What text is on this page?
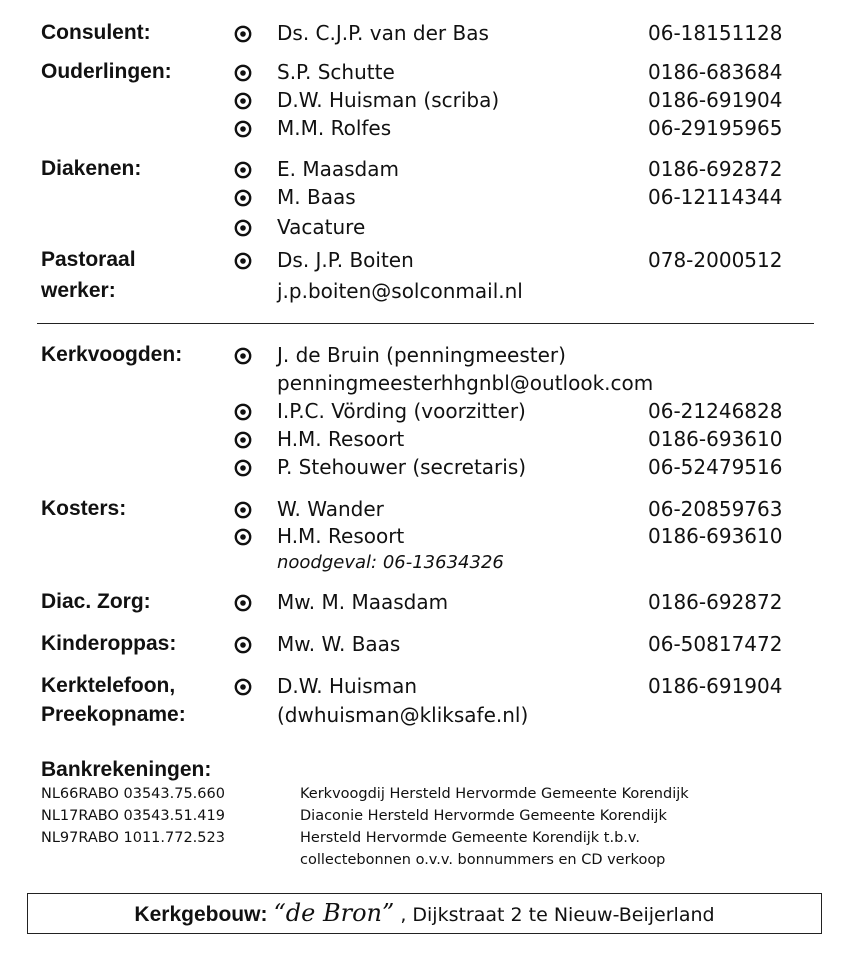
Consulent:	Ds. C.J.P. van der Bas	06-18151128
Ouderlingen:	S.P. Schutte	0186-683684
D.W. Huisman (scriba)	0186-691904
M.M. Rolfes	06-29195965
Diakenen:	E. Maasdam	0186-692872
M. Baas	06-12114344
Vacature
Pastoraal
werker:
Ds. J.P. Boiten	078-2000512
j.p.boiten@solconmail.nl
Kerkvoogden:	J. de Bruin (penningmeester)
penningmeesterhhgnbl@outlook.com
I.P.C. Vörding (voorzitter)	06-21246828
H.M. Resoort	0186-693610
P. Stehouwer (secretaris)	06-52479516
Kosters:	W. Wander	06-20859763
H.M. Resoort	0186-693610
noodgeval: 06-13634326
Diac. Zorg:	Mw. M. Maasdam	0186-692872
Kinderoppas:	Mw. W. Baas	06-50817472
Kerktelefoon,
Preekopname:
D.W. Huisman	0186-691904
(dwhuisman@kliksafe.nl)
Bankrekeningen:
NL66RABO 03543.75.660	Kerkvoogdij Hersteld Hervormde Gemeente Korendijk
NL17RABO 03543.51.419	Diaconie Hersteld Hervormde Gemeente Korendijk
NL97RABO 1011.772.523	Hersteld Hervormde Gemeente Korendijk t.b.v.
collectebonnen o.v.v. bonnummers en CD verkoop
Kerkgebouw: “de Bron” , Dijkstraat 2 te Nieuw-Beijerland
